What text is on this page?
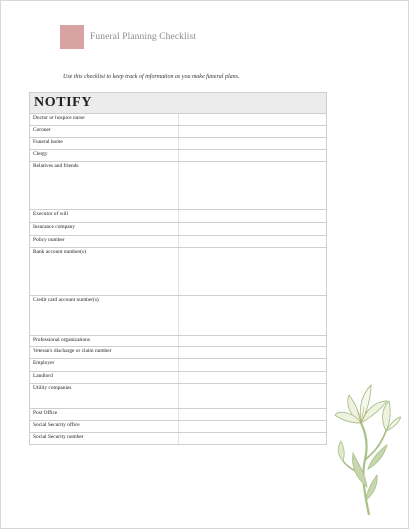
Funeral Planning Checklist
Use this checklist to keep track of information as you make funeral plans.
NOTIFY	
Doctor or hospice nurse	
Coroner	
Funeral home	
Clergy	
Relatives and friends	
Executor of will	
Insurance company	
Policy number	
Bank account number(s)	
Credit card account number(s)	
Professional organizations	
Veteran's discharge or claim number	
Employer	
Landlord	
Utility companies	
Post Office	
Social Security office	
Social Security number	
